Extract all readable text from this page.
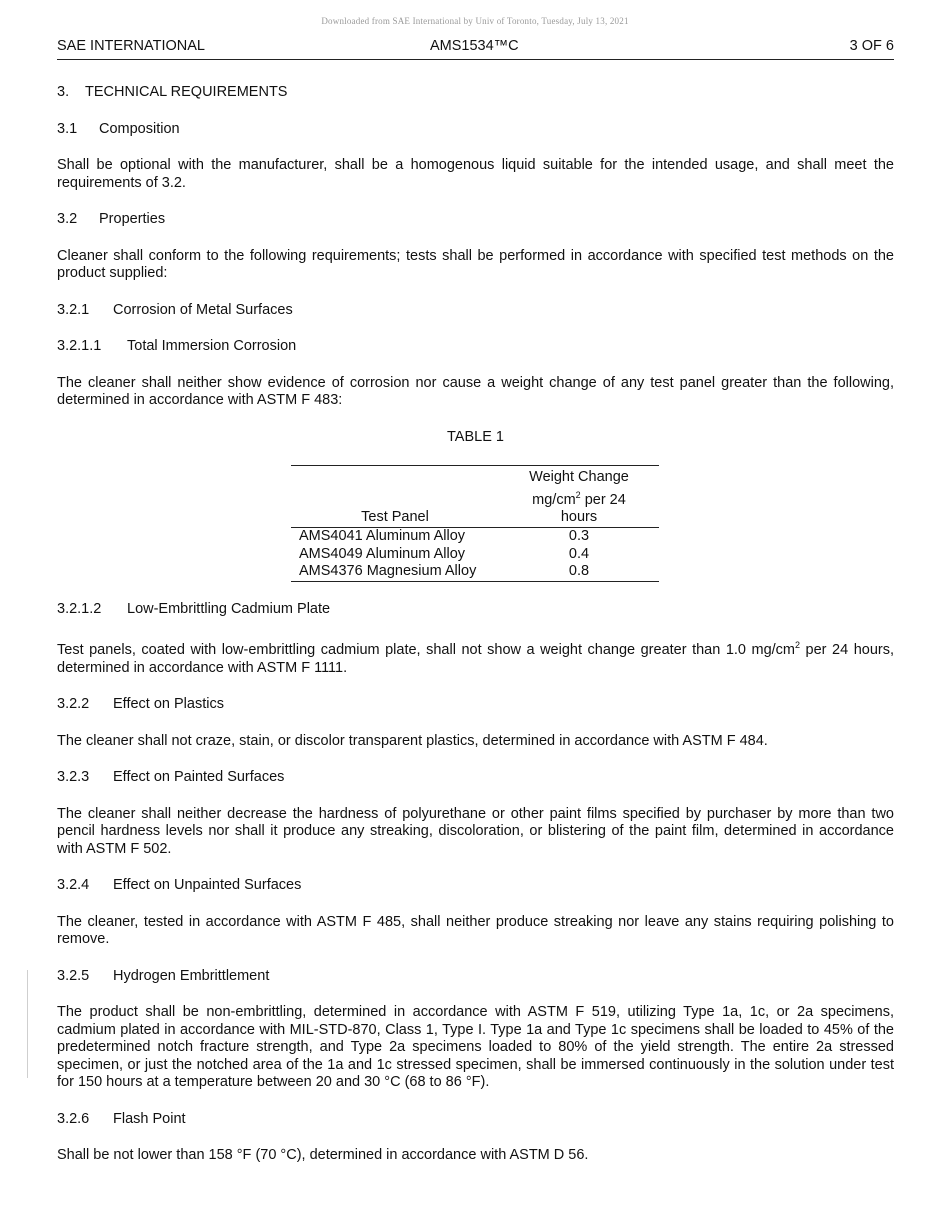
Downloaded from SAE International by Univ of Toronto, Tuesday, July 13, 2021
SAE INTERNATIONAL	AMS1534™C	3 OF 6
3. TECHNICAL REQUIREMENTS
3.1 Composition
Shall be optional with the manufacturer, shall be a homogenous liquid suitable for the intended usage, and shall meet the requirements of 3.2.
3.2 Properties
Cleaner shall conform to the following requirements; tests shall be performed in accordance with specified test methods on the product supplied:
3.2.1 Corrosion of Metal Surfaces
3.2.1.1 Total Immersion Corrosion
The cleaner shall neither show evidence of corrosion nor cause a weight change of any test panel greater than the following, determined in accordance with ASTM F 483:
TABLE 1
Test Panel	Weight Change
$mg/cm^2$ per 24
hours
AMS4041 Aluminum Alloy	0.3
AMS4049 Aluminum Alloy	0.4
AMS4376 Magnesium Alloy	0.8
3.2.1.2 Low-Embrittling Cadmium Plate
Test panels, coated with low-embrittling cadmium plate, shall not show a weight change greater than 1.0 $mg/cm^2$ per 24 hours, determined in accordance with ASTM F 1111.
3.2.2 Effect on Plastics
The cleaner shall not craze, stain, or discolor transparent plastics, determined in accordance with ASTM F 484.
3.2.3 Effect on Painted Surfaces
The cleaner shall neither decrease the hardness of polyurethane or other paint films specified by purchaser by more than two pencil hardness levels nor shall it produce any streaking, discoloration, or blistering of the paint film, determined in accordance with ASTM F 502.
3.2.4 Effect on Unpainted Surfaces
The cleaner, tested in accordance with ASTM F 485, shall neither produce streaking nor leave any stains requiring polishing to remove.
3.2.5 Hydrogen Embrittlement
The product shall be non-embrittling, determined in accordance with ASTM F 519, utilizing Type 1a, 1c, or 2a specimens, cadmium plated in accordance with MIL-STD-870, Class 1, Type I. Type 1a and Type 1c specimens shall be loaded to 45% of the predetermined notch fracture strength, and Type 2a specimens loaded to 80% of the yield strength. The entire 2a stressed specimen, or just the notched area of the 1a and 1c stressed specimen, shall be immersed continuously in the solution under test for 150 hours at a temperature between 20 and 30 °C (68 to 86 °F).
3.2.6 Flash Point
Shall be not lower than 158 °F (70 °C), determined in accordance with ASTM D 56.
